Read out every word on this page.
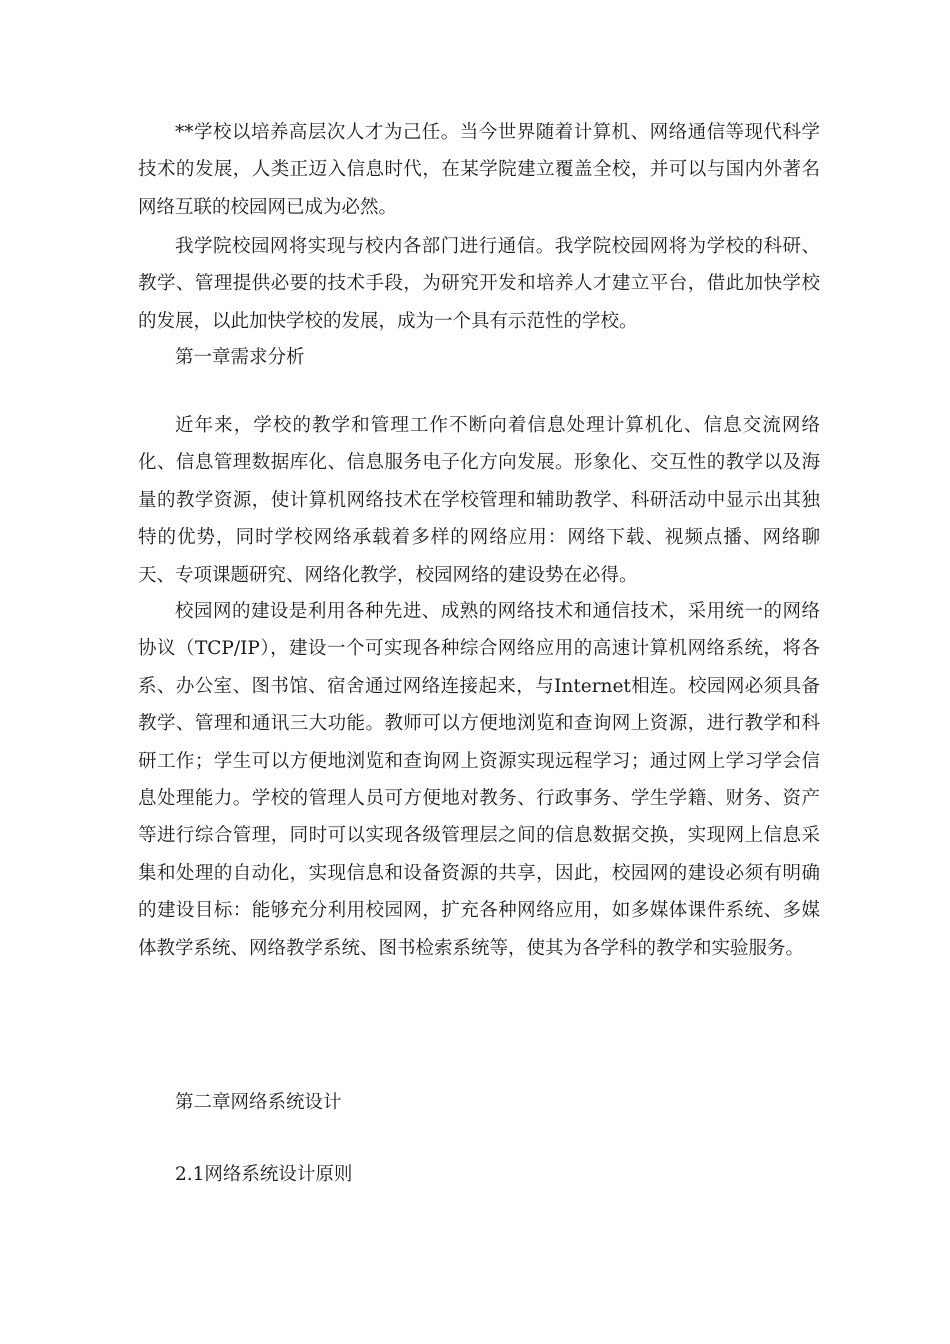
**学校以培养高层次人才为己任。当今世界随着计算机、网络通信等现代科学技术的发展，人类正迈入信息时代，在某学院建立覆盖全校，并可以与国内外著名网络互联的校园网已成为必然。

我学院校园网将实现与校内各部门进行通信。我学院校园网将为学校的科研、教学、管理提供必要的技术手段，为研究开发和培养人才建立平台，借此加快学校的发展，以此加快学校的发展，成为一个具有示范性的学校。

第一章需求分析

近年来，学校的教学和管理工作不断向着信息处理计算机化、信息交流网络化、信息管理数据库化、信息服务电子化方向发展。形象化、交互性的教学以及海量的教学资源，使计算机网络技术在学校管理和辅助教学、科研活动中显示出其独特的优势，同时学校网络承载着多样的网络应用：网络下载、视频点播、网络聊天、专项课题研究、网络化教学，校园网络的建设势在必得。

校园网的建设是利用各种先进、成熟的网络技术和通信技术，采用统一的网络协议（TCP/IP），建设一个可实现各种综合网络应用的高速计算机网络系统，将各系、办公室、图书馆、宿舍通过网络连接起来，与Internet相连。校园网必须具备教学、管理和通讯三大功能。教师可以方便地浏览和查询网上资源，进行教学和科研工作；学生可以方便地浏览和查询网上资源实现远程学习；通过网上学习学会信息处理能力。学校的管理人员可方便地对教务、行政事务、学生学籍、财务、资产等进行综合管理，同时可以实现各级管理层之间的信息数据交换，实现网上信息采集和处理的自动化，实现信息和设备资源的共享，因此，校园网的建设必须有明确的建设目标：能够充分利用校园网，扩充各种网络应用，如多媒体课件系统、多媒体教学系统、网络教学系统、图书检索系统等，使其为各学科的教学和实验服务。

第二章网络系统设计

2.1网络系统设计原则
